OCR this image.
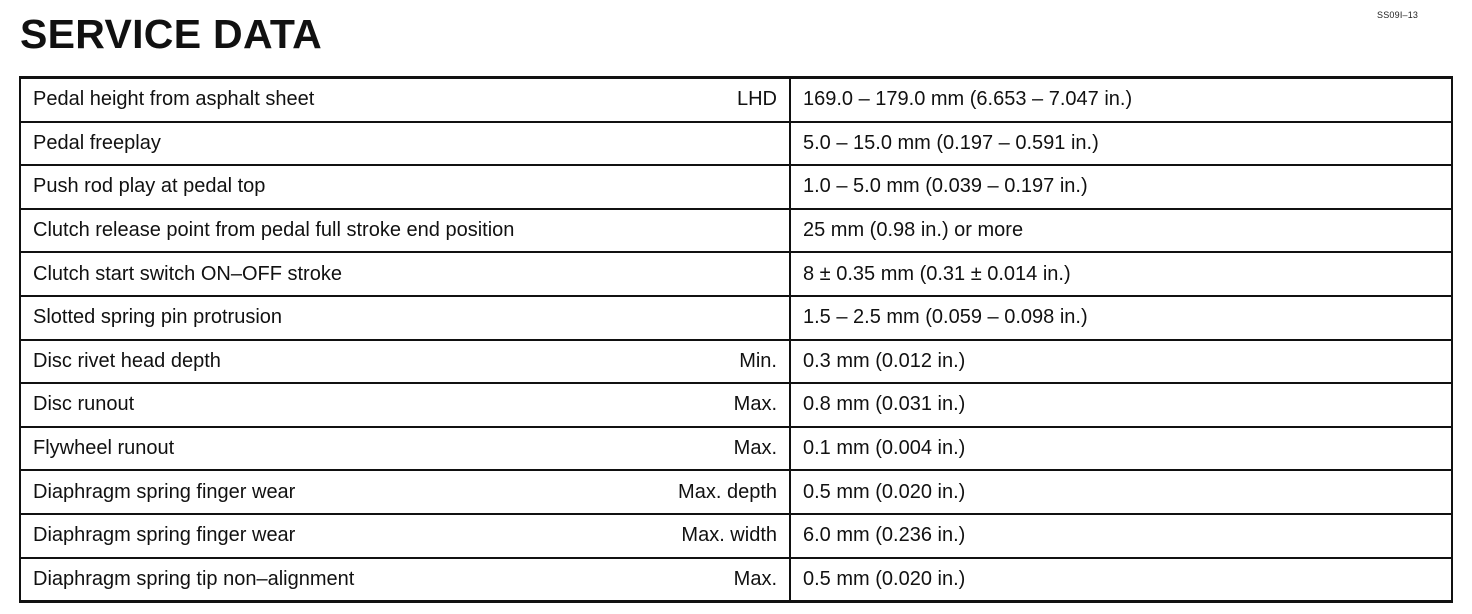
SS09I–13
SERVICE DATA
Pedal height from asphalt sheet LHD	169.0 – 179.0 mm (6.653 – 7.047 in.)

Pedal freeplay	5.0 – 15.0 mm (0.197 – 0.591 in.)

Push rod play at pedal top	1.0 – 5.0 mm (0.039 – 0.197 in.)

Clutch release point from pedal full stroke end position	25 mm (0.98 in.) or more

Clutch start switch ON–OFF stroke	8 ± 0.35 mm (0.31 ± 0.014 in.)

Slotted spring pin protrusion	1.5 – 2.5 mm (0.059 – 0.098 in.)

Disc rivet head depth Min.	0.3 mm (0.012 in.)

Disc runout Max.	0.8 mm (0.031 in.)

Flywheel runout Max.	0.1 mm (0.004 in.)

Diaphragm spring finger wear Max. depth	0.5 mm (0.020 in.)

Diaphragm spring finger wear Max. width	6.0 mm (0.236 in.)

Diaphragm spring tip non–alignment Max.	0.5 mm (0.020 in.)
